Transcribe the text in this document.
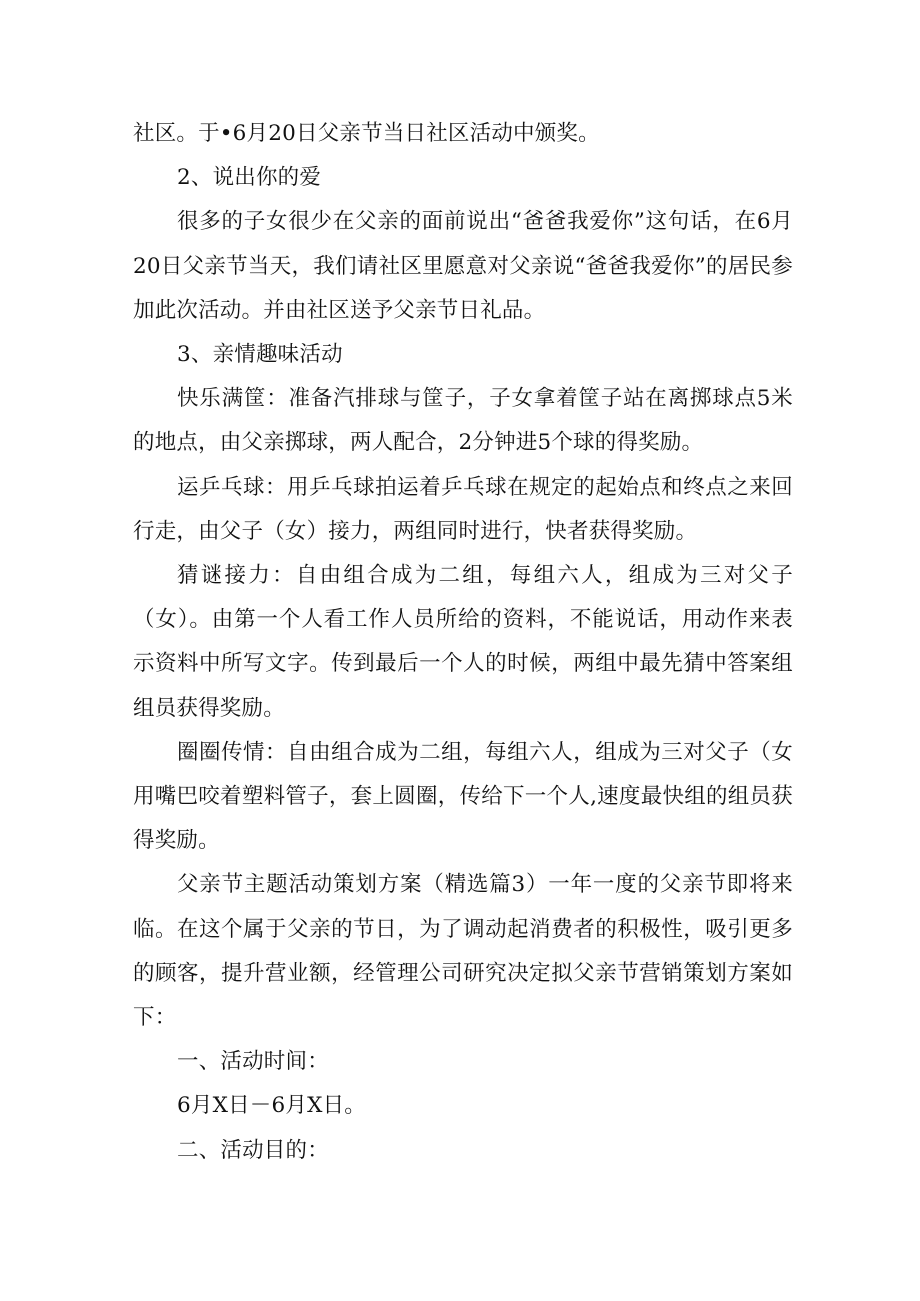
社区。于•6月20日父亲节当日社区活动中颁奖。

2、说出你的爱

很多的子女很少在父亲的面前说出“爸爸我爱你”这句话，在6月20日父亲节当天，我们请社区里愿意对父亲说“爸爸我爱你”的居民参加此次活动。并由社区送予父亲节日礼品。

3、亲情趣味活动

快乐满筐：准备汽排球与筐子，子女拿着筐子站在离掷球点5米的地点，由父亲掷球，两人配合，2分钟进5个球的得奖励。

运乒乓球：用乒乓球拍运着乒乓球在规定的起始点和终点之来回行走，由父子（女）接力，两组同时进行，快者获得奖励。

猜谜接力：自由组合成为二组，每组六人，组成为三对父子（女）。由第一个人看工作人员所给的资料，不能说话，用动作来表示资料中所写文字。传到最后一个人的时候，两组中最先猜中答案组组员获得奖励。

圈圈传情：自由组合成为二组，每组六人，组成为三对父子（女用嘴巴咬着塑料管子，套上圆圈，传给下一个人,速度最快组的组员获得奖励。

父亲节主题活动策划方案（精选篇3）一年一度的父亲节即将来临。在这个属于父亲的节日，为了调动起消费者的积极性，吸引更多的顾客，提升营业额，经管理公司研究决定拟父亲节营销策划方案如下：

一、活动时间：

6月X日－6月X日。

二、活动目的：
